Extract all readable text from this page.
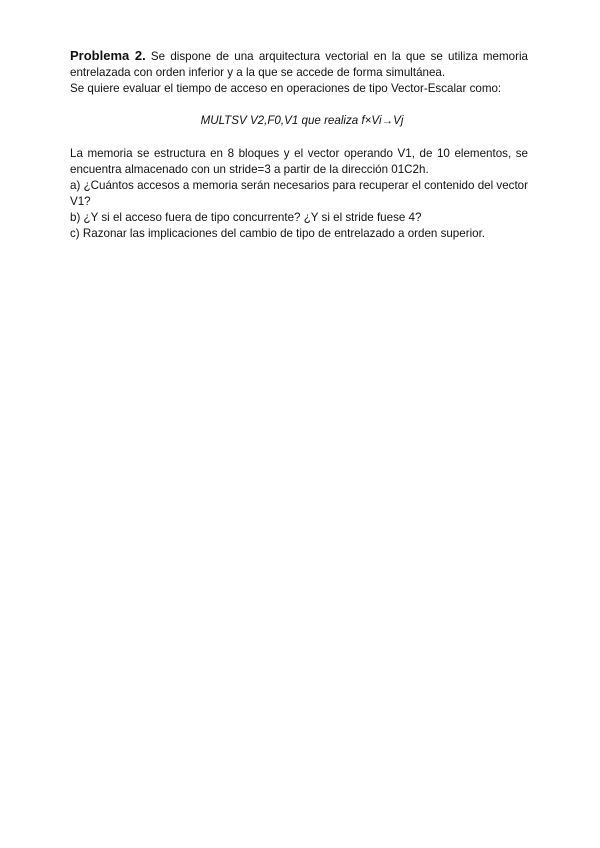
Problema 2. Se dispone de una arquitectura vectorial en la que se utiliza memoria entrelazada con orden inferior y a la que se accede de forma simultánea.

Se quiere evaluar el tiempo de acceso en operaciones de tipo Vector-Escalar como:

MULTSV V2,F0,V1 que realiza f×Vi→Vj

La memoria se estructura en 8 bloques y el vector operando V1, de 10 elementos, se encuentra almacenado con un stride=3 a partir de la dirección 01C2h.

a) ¿Cuántos accesos a memoria serán necesarios para recuperar el contenido del vector V1?

b) ¿Y si el acceso fuera de tipo concurrente? ¿Y si el stride fuese 4?

c) Razonar las implicaciones del cambio de tipo de entrelazado a orden superior.
